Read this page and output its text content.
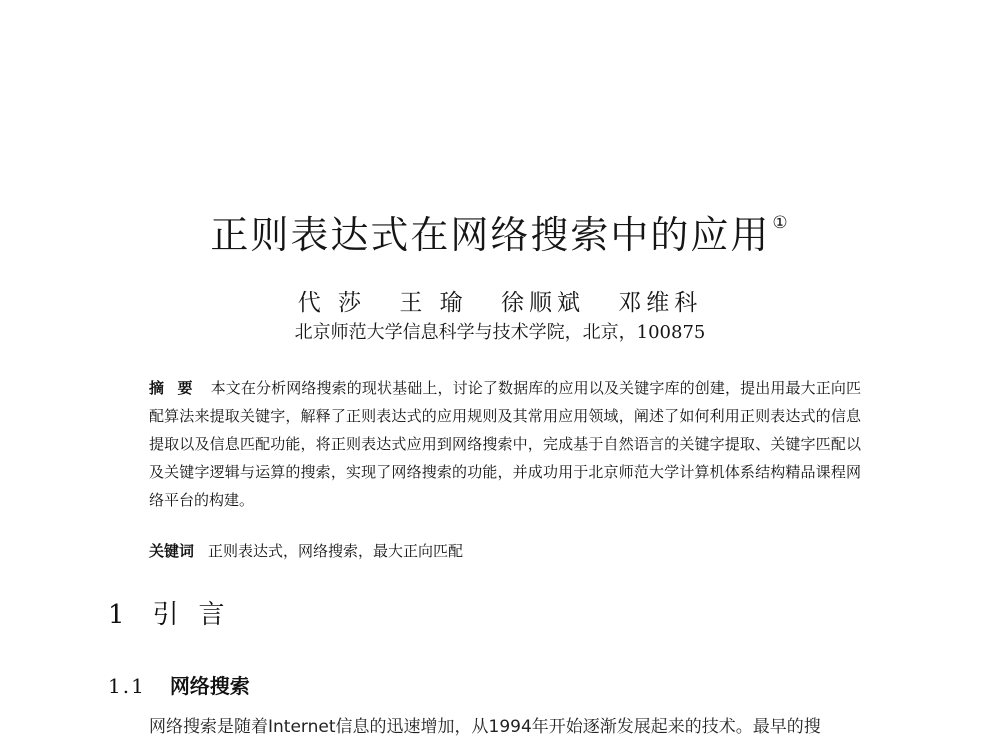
正则表达式在网络搜索中的应用 ①
代 莎 王 瑜 徐顺斌 邓维科
北京师范大学信息科学与技术学院，北京，100875
摘 要 本文在分析网络搜索的现状基础上，讨论了数据库的应用以及关键字库的创建，提出用最大正向匹配算法来提取关键字，解释了正则表达式的应用规则及其常用应用领域，阐述了如何利用正则表达式的信息提取以及信息匹配功能，将正则表达式应用到网络搜索中，完成基于自然语言的关键字提取、关键字匹配以及关键字逻辑与运算的搜索，实现了网络搜索的功能，并成功用于北京师范大学计算机体系结构精品课程网络平台的构建。
关键词 正则表达式，网络搜索，最大正向匹配
1 引言
1.1 网络搜索
网络搜索是随着Internet信息的迅速增加，从1994年开始逐渐发展起来的技术。最早的搜
